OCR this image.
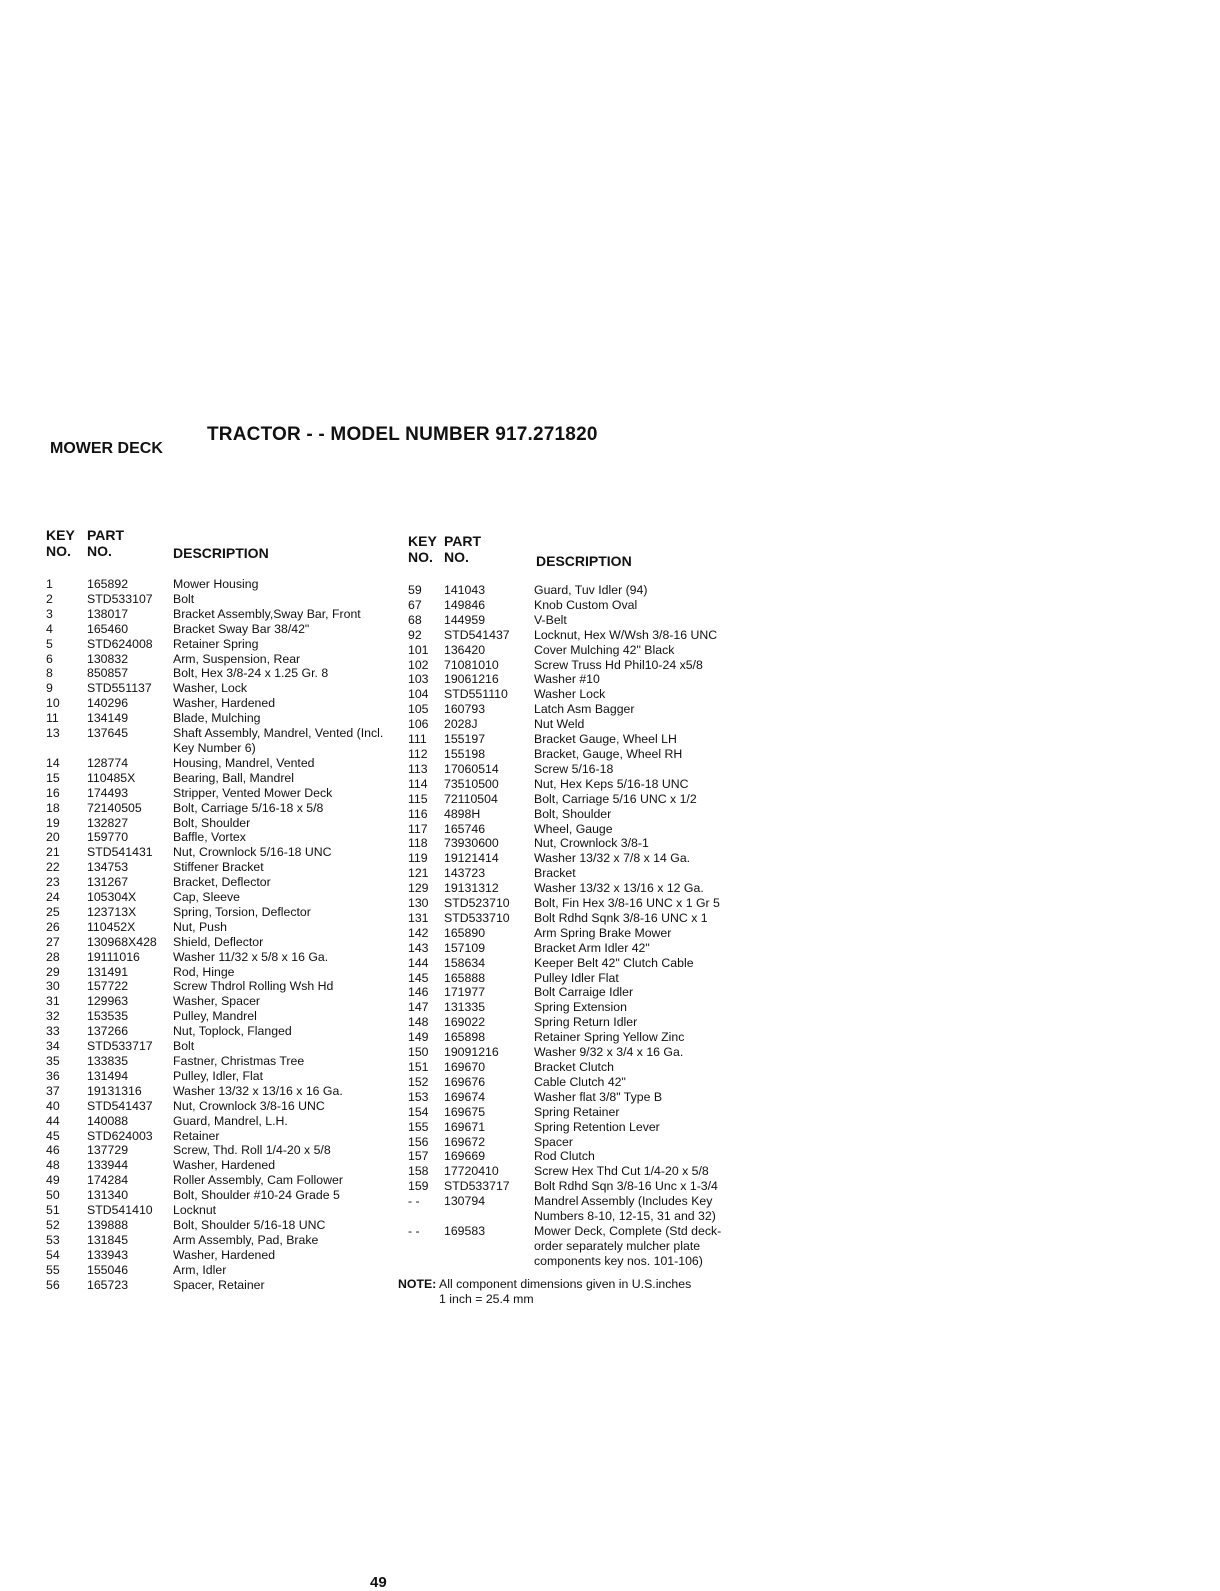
TRACTOR - - MODEL NUMBER 917.271820
MOWER DECK
KEY
NO.
PART
NO.	DESCRIPTION
1	165892	Mower Housing
2	STD533107 Bolt
3	138017	Bracket Assembly,Sway Bar, Front
4	165460	Bracket Sway Bar 38/42"
5	STD624008 Retainer Spring
6	130832	Arm, Suspension, Rear
8	850857	Bolt, Hex 3/8-24 x 1.25 Gr. 8
9	STD551137 Washer, Lock
10 140296	Washer, Hardened
11 134149	Blade, Mulching
13 137645	Shaft Assembly, Mandrel, Vented (Incl. Key Number 6)
14 128774	Housing, Mandrel, Vented
15 110485X	Bearing, Ball, Mandrel
16 174493	Stripper, Vented Mower Deck
18 72140505	Bolt, Carriage 5/16-18 x 5/8
19 132827	Bolt, Shoulder
20 159770	Baffle, Vortex
21 STD541431 Nut, Crownlock 5/16-18 UNC
22 134753	Stiffener Bracket
23 131267	Bracket, Deflector
24 105304X	Cap, Sleeve
25 123713X	Spring, Torsion, Deflector
26 110452X	Nut, Push
27 130968X428 Shield, Deflector
28 19111016	Washer 11/32 x 5/8 x 16 Ga.
29 131491	Rod, Hinge
30 157722	Screw Thdrol Rolling Wsh Hd
31 129963	Washer, Spacer
32 153535	Pulley, Mandrel
33 137266	Nut, Toplock, Flanged
34 STD533717 Bolt
35 133835	Fastner, Christmas Tree
36 131494	Pulley, Idler, Flat
37 19131316	Washer 13/32 x 13/16 x 16 Ga.
40 STD541437 Nut, Crownlock 3/8-16 UNC
44 140088	Guard, Mandrel, L.H.
45 STD624003 Retainer
46 137729	Screw, Thd. Roll 1/4-20 x 5/8
48 133944	Washer, Hardened
49 174284	Roller Assembly, Cam Follower
50 131340	Bolt, Shoulder #10-24 Grade 5
51 STD541410 Locknut
52 139888	Bolt, Shoulder 5/16-18 UNC
53 131845	Arm Assembly, Pad, Brake
54 133943	Washer, Hardened
55 155046	Arm, Idler
56 165723	Spacer, Retainer
KEY
NO.
PART
NO.	DESCRIPTION
59 141043	Guard, Tuv Idler (94)
67 149846	Knob Custom Oval
68 144959	V-Belt
92 STD541437 Locknut, Hex W/Wsh 3/8-16 UNC
101 136420	Cover Mulching 42" Black
102 71081010	Screw Truss Hd Phil10-24 x5/8
103 19061216	Washer #10
104 STD551110 Washer Lock
105 160793	Latch Asm Bagger
106 2028J	Nut Weld
111 155197	Bracket Gauge, Wheel LH
112 155198	Bracket, Gauge, Wheel RH
113 17060514	Screw 5/16-18
114 73510500	Nut, Hex Keps 5/16-18 UNC
115 72110504	Bolt, Carriage 5/16 UNC x 1/2
116 4898H	Bolt, Shoulder
117 165746	Wheel, Gauge
118 73930600	Nut, Crownlock 3/8-1
119 19121414	Washer 13/32 x 7/8 x 14 Ga.
121 143723	Bracket
129 19131312	Washer 13/32 x 13/16 x 12 Ga.
130 STD523710 Bolt, Fin Hex 3/8-16 UNC x 1 Gr 5
131 STD533710 Bolt Rdhd Sqnk 3/8-16 UNC x 1
142 165890	Arm Spring Brake Mower
143 157109	Bracket Arm Idler 42"
144 158634	Keeper Belt 42" Clutch Cable
145 165888	Pulley Idler Flat
146 171977	Bolt Carraige Idler
147 131335	Spring Extension
148 169022	Spring Return Idler
149 165898	Retainer Spring Yellow Zinc
150 19091216	Washer 9/32 x 3/4 x 16 Ga.
151 169670	Bracket Clutch
152 169676	Cable Clutch 42"
153 169674	Washer flat 3/8" Type B
154 169675	Spring Retainer
155 169671	Spring Retention Lever
156 169672	Spacer
157 169669	Rod Clutch
158 17720410	Screw Hex Thd Cut 1/4-20 x 5/8
159 STD533717 Bolt Rdhd Sqn 3/8-16 Unc x 1-3/4
- - 130794	Mandrel Assembly (Includes Key Numbers 8-10, 12-15, 31 and 32)
- - 169583	Mower Deck, Complete (Std deck-order separately mulcher plate components key nos. 101-106)
NOTE: All component dimensions given in U.S.inches
1 inch = 25.4 mm
49
